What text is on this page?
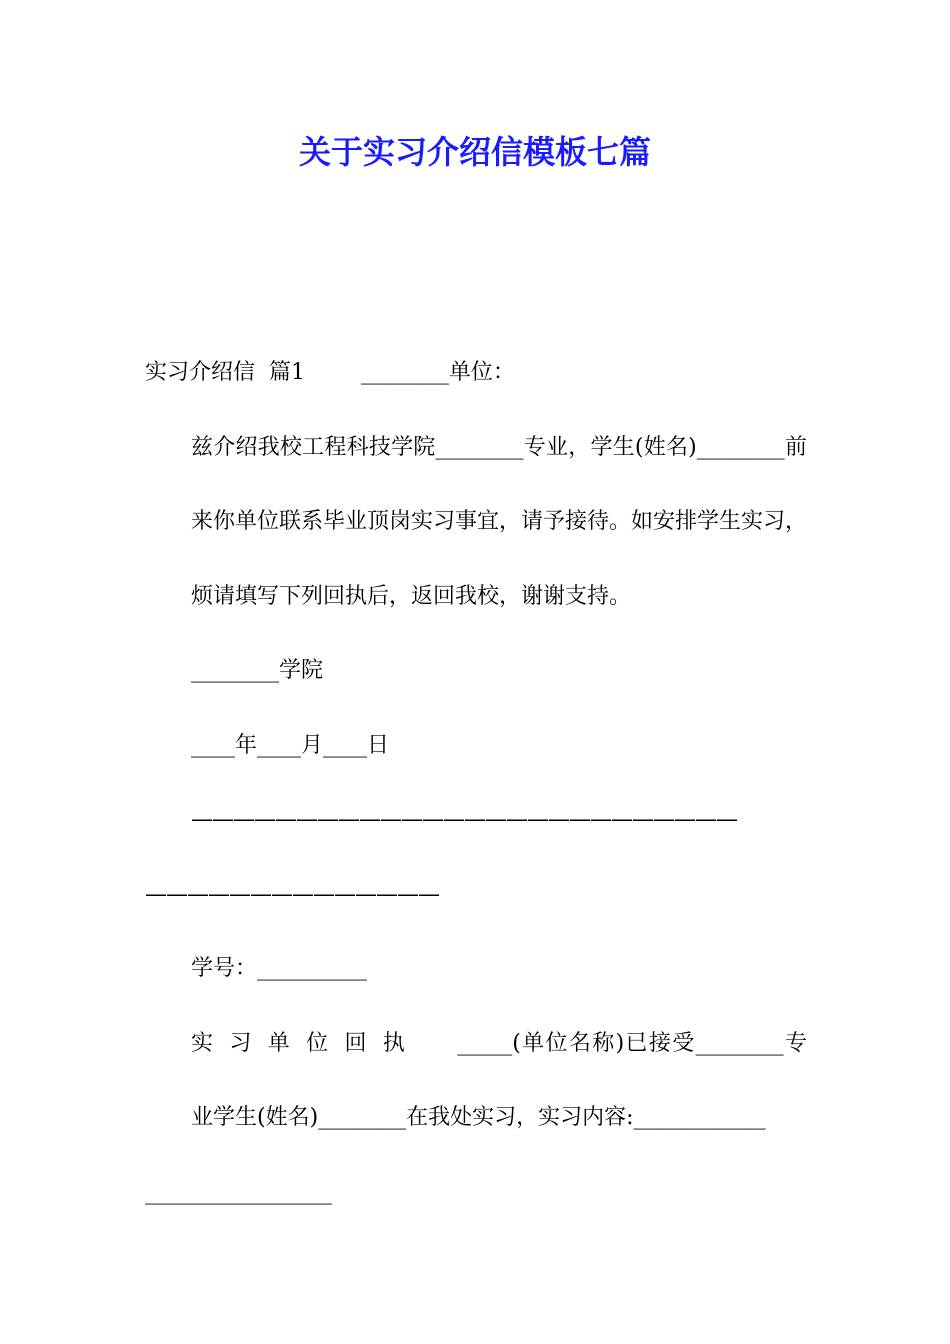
关于实习介绍信模板七篇

实习介绍信  篇1        ________单位：

兹介绍我校工程科技学院________专业，学生(姓名)________前来你单位联系毕业顶岗实习事宜，请予接待。如安排学生实习， 烦请填写下列回执后，返回我校，谢谢支持。

________学院

____年____月____日

——————————————————————————

——————————————

学号：__________

实习单位回执 _____(单位名称)已接受________专业学生(姓名)________在我处实习，实习内容:____________

_________________
